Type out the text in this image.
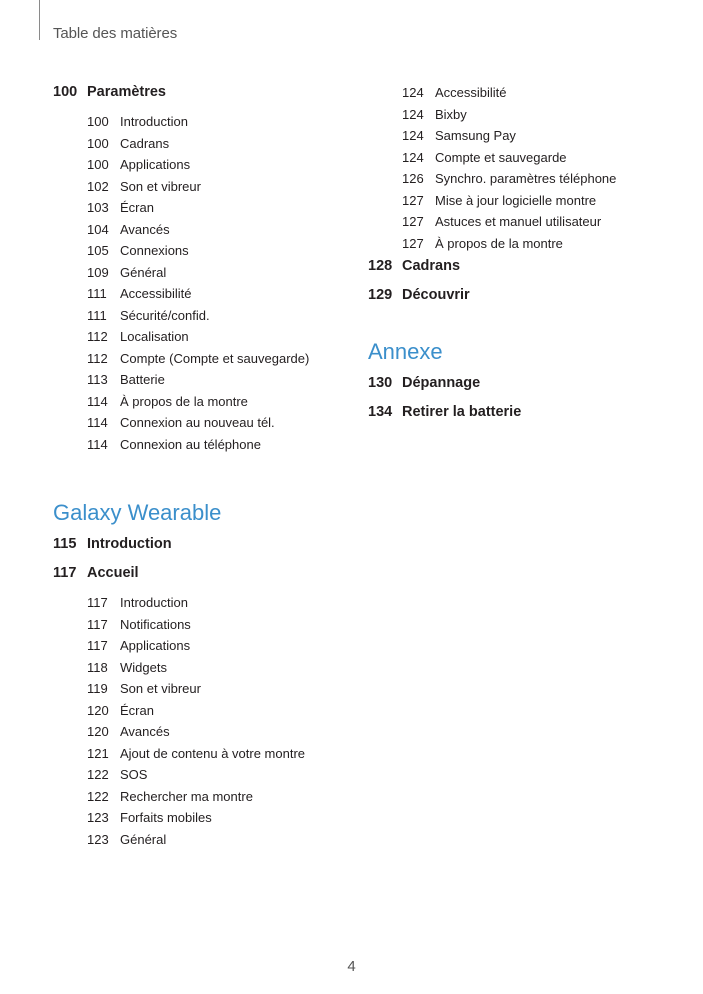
Table des matières
100 Paramètres
100 Introduction
100 Cadrans
100 Applications
102 Son et vibreur
103 Écran
104 Avancés
105 Connexions
109 Général
111	Accessibilité
111	Sécurité/confid.
112 Localisation
112 Compte (Compte et sauvegarde)
113 Batterie
114 À propos de la montre
114 Connexion au nouveau tél.
114 Connexion au téléphone
Galaxy Wearable
115 Introduction
117 Accueil
117 Introduction
117 Notifications
117 Applications
118 Widgets
119 Son et vibreur
120 Écran
120 Avancés
121 Ajout de contenu à votre montre
122 SOS
122 Rechercher ma montre
123 Forfaits mobiles
123 Général
124 Accessibilité
124 Bixby
124 Samsung Pay
124 Compte et sauvegarde
126 Synchro. paramètres téléphone
127 Mise à jour logicielle montre
127 Astuces et manuel utilisateur
127 À propos de la montre
128 Cadrans
129 Découvrir
Annexe
130 Dépannage
134 Retirer la batterie
4
